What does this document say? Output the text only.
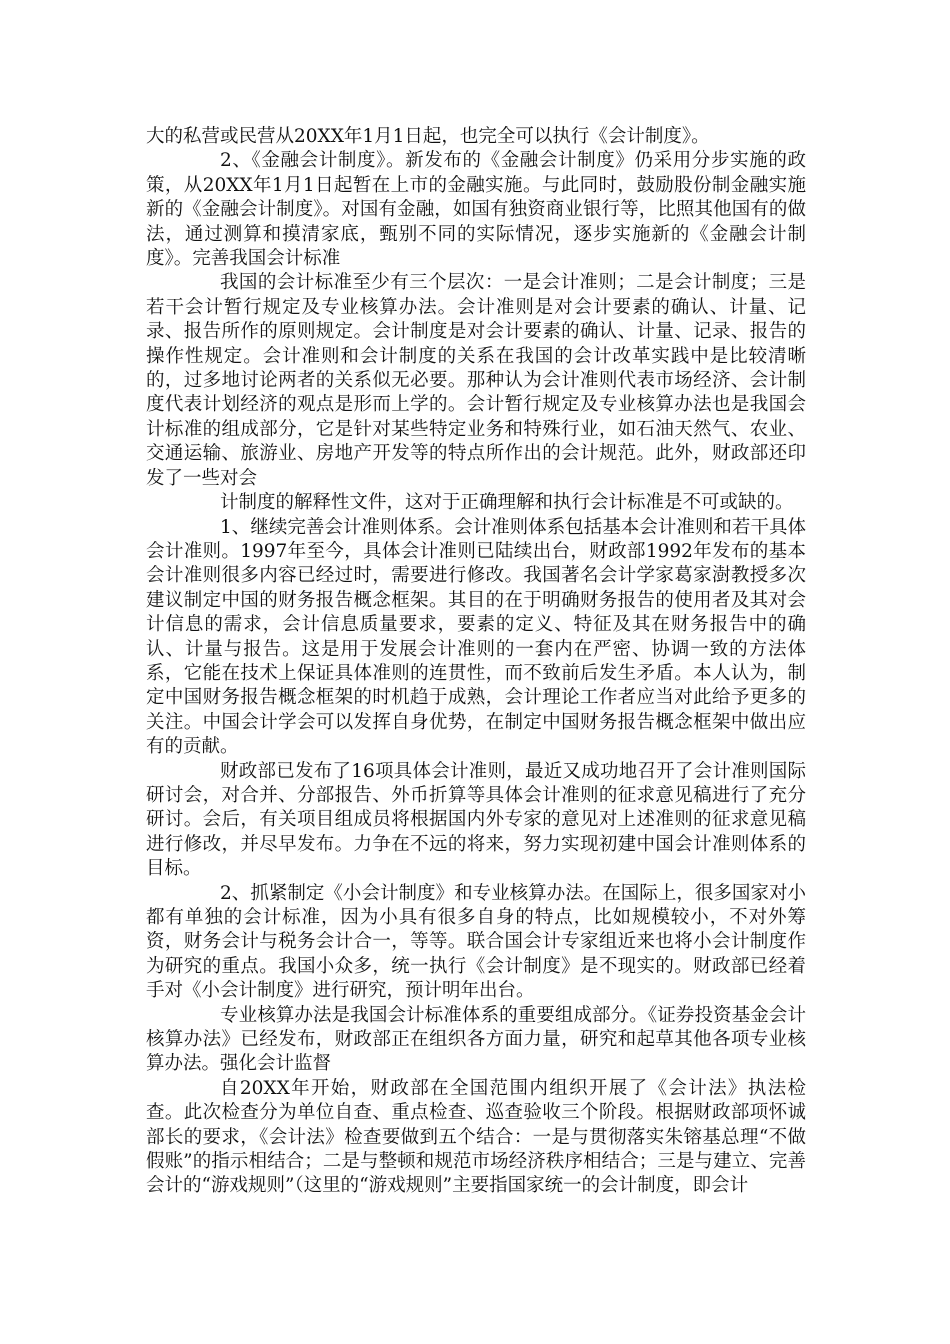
大的私营或民营从20XX年1月1日起，也完全可以执行《会计制度》。

2、《金融会计制度》。新发布的《金融会计制度》仍采用分步实施的政策，从20XX年1月1日起暂在上市的金融实施。与此同时，鼓励股份制金融实施新的《金融会计制度》。对国有金融，如国有独资商业银行等，比照其他国有的做法，通过测算和摸清家底，甄别不同的实际情况，逐步实施新的《金融会计制度》。完善我国会计标准

我国的会计标准至少有三个层次：一是会计准则；二是会计制度；三是若干会计暂行规定及专业核算办法。会计准则是对会计要素的确认、计量、记录、报告所作的原则规定。会计制度是对会计要素的确认、计量、记录、报告的操作性规定。会计准则和会计制度的关系在我国的会计改革实践中是比较清晰的，过多地讨论两者的关系似无必要。那种认为会计准则代表市场经济、会计制度代表计划经济的观点是形而上学的。会计暂行规定及专业核算办法也是我国会计标准的组成部分，它是针对某些特定业务和特殊行业，如石油天然气、农业、交通运输、旅游业、房地产开发等的特点所作出的会计规范。此外，财政部还印发了一些对会

计制度的解释性文件，这对于正确理解和执行会计标准是不可或缺的。

1、继续完善会计准则体系。会计准则体系包括基本会计准则和若干具体会计准则。1997年至今，具体会计准则已陆续出台，财政部1992年发布的基本会计准则很多内容已经过时，需要进行修改。我国著名会计学家葛家澍教授多次建议制定中国的财务报告概念框架。其目的在于明确财务报告的使用者及其对会计信息的需求，会计信息质量要求，要素的定义、特征及其在财务报告中的确认、计量与报告。这是用于发展会计准则的一套内在严密、协调一致的方法体系，它能在技术上保证具体准则的连贯性，而不致前后发生矛盾。本人认为，制定中国财务报告概念框架的时机趋于成熟，会计理论工作者应当对此给予更多的关注。中国会计学会可以发挥自身优势，在制定中国财务报告概念框架中做出应有的贡献。

财政部已发布了16项具体会计准则，最近又成功地召开了会计准则国际研讨会，对合并、分部报告、外币折算等具体会计准则的征求意见稿进行了充分研讨。会后，有关项目组成员将根据国内外专家的意见对上述准则的征求意见稿进行修改，并尽早发布。力争在不远的将来，努力实现初建中国会计准则体系的目标。

2、抓紧制定《小会计制度》和专业核算办法。在国际上，很多国家对小都有单独的会计标准，因为小具有很多自身的特点，比如规模较小，不对外筹资，财务会计与税务会计合一，等等。联合国会计专家组近来也将小会计制度作为研究的重点。我国小众多，统一执行《会计制度》是不现实的。财政部已经着手对《小会计制度》进行研究，预计明年出台。

专业核算办法是我国会计标准体系的重要组成部分。《证券投资基金会计核算办法》已经发布，财政部正在组织各方面力量，研究和起草其他各项专业核算办法。强化会计监督

自20XX年开始，财政部在全国范围内组织开展了《会计法》执法检查。此次检查分为单位自查、重点检查、巡查验收三个阶段。根据财政部项怀诚部长的要求，《会计法》检查要做到五个结合：一是与贯彻落实朱镕基总理“不做假账”的指示相结合；二是与整顿和规范市场经济秩序相结合；三是与建立、完善会计的“游戏规则”（这里的“游戏规则”主要指国家统一的会计制度，即会计
